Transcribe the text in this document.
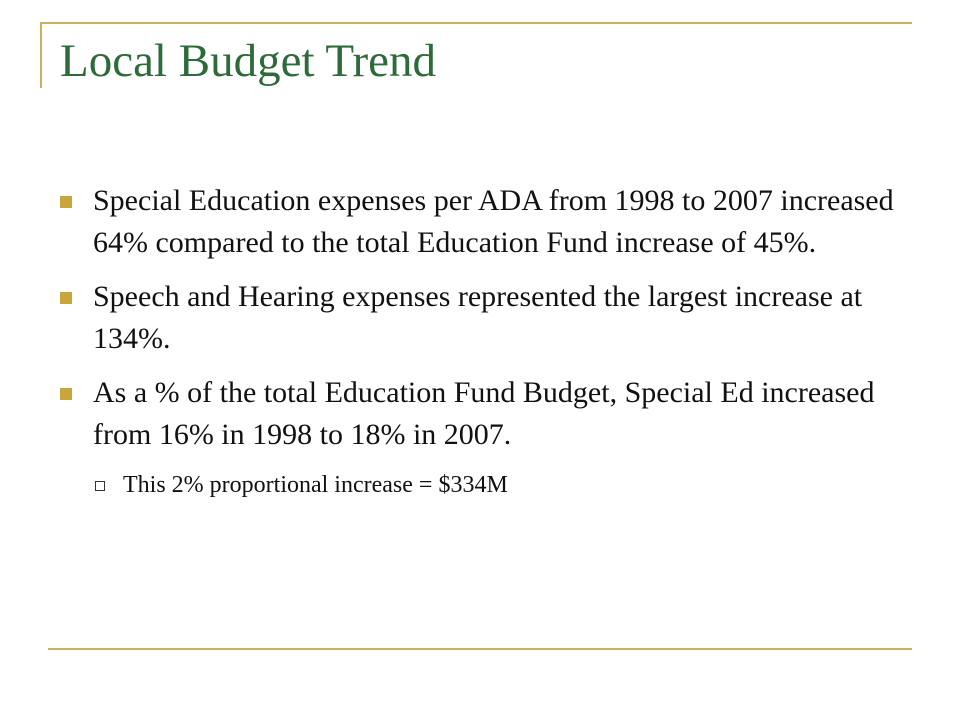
Local Budget Trend
Special Education expenses per ADA from 1998 to 2007 increased 64% compared to the total Education Fund increase of 45%.
Speech and Hearing expenses represented the largest increase at 134%.
As a % of the total Education Fund Budget, Special Ed increased from 16% in 1998 to 18% in 2007.
This 2% proportional increase = $334M
